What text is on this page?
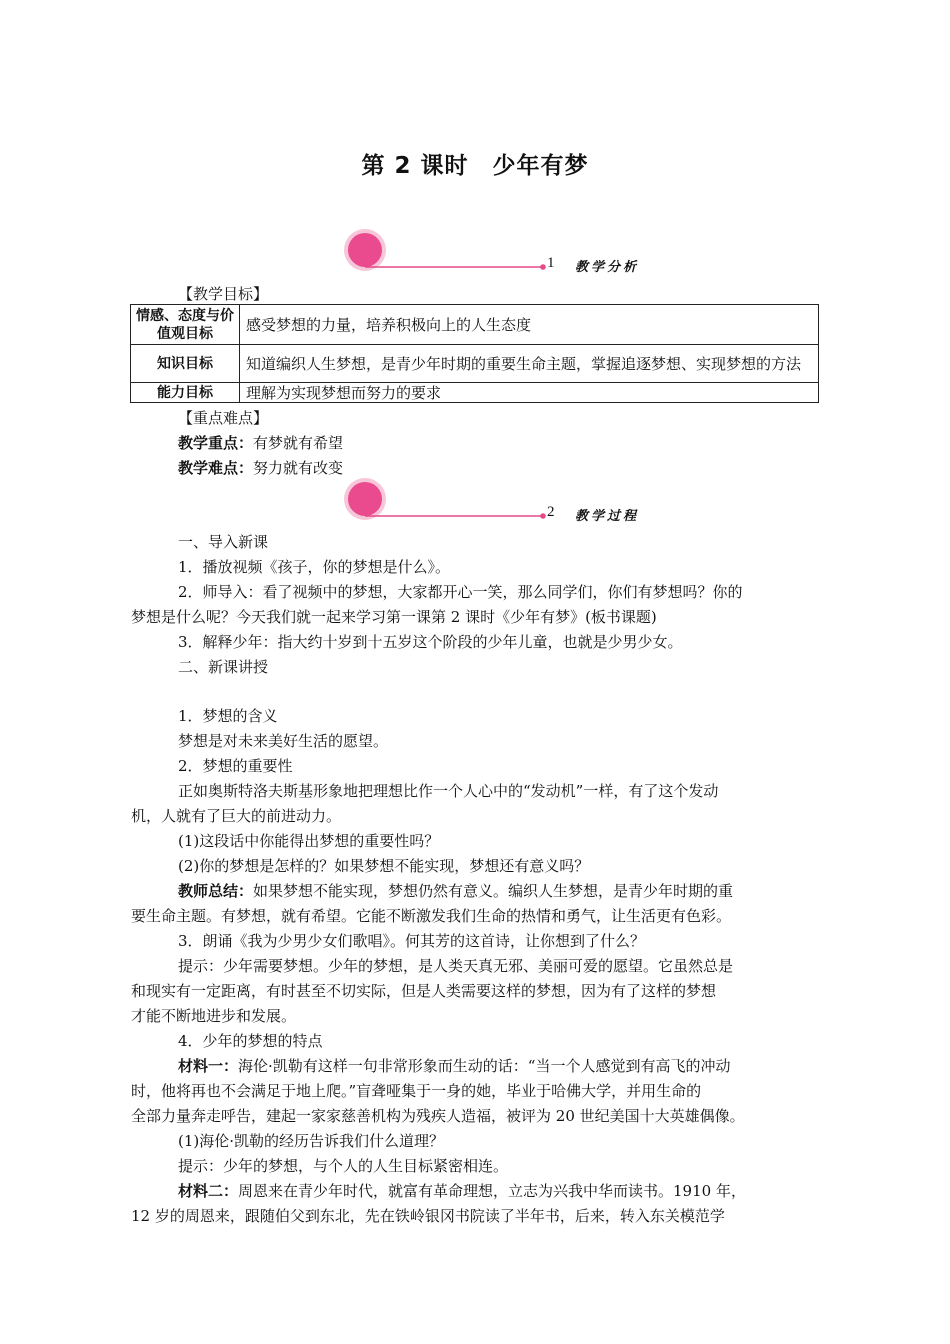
第 2 课时　少年有梦
1 教学分析
【教学目标】
情感、态度与价值观目标	感受梦想的力量，培养积极向上的人生态度
知识目标	知道编织人生梦想，是青少年时期的重要生命主题，掌握追逐梦想、实现梦想的方法
能力目标	理解为实现梦想而努力的要求
【重点难点】
教学重点：有梦就有希望
教学难点：努力就有改变
2 教学过程
一、导入新课
1．播放视频《孩子，你的梦想是什么》。
2．师导入：看了视频中的梦想，大家都开心一笑，那么同学们，你们有梦想吗？你的
梦想是什么呢？今天我们就一起来学习第一课第 2 课时《少年有梦》(板书课题)
3．解释少年：指大约十岁到十五岁这个阶段的少年儿童，也就是少男少女。
二、新课讲授
1．梦想的含义
梦想是对未来美好生活的愿望。
2．梦想的重要性
正如奥斯特洛夫斯基形象地把理想比作一个人心中的“发动机”一样，有了这个发动
机，人就有了巨大的前进动力。
(1)这段话中你能得出梦想的重要性吗？
(2)你的梦想是怎样的？如果梦想不能实现，梦想还有意义吗？
教师总结：如果梦想不能实现，梦想仍然有意义。编织人生梦想，是青少年时期的重
要生命主题。有梦想，就有希望。它能不断激发我们生命的热情和勇气，让生活更有色彩。
3．朗诵《我为少男少女们歌唱》。何其芳的这首诗，让你想到了什么？
提示：少年需要梦想。少年的梦想，是人类天真无邪、美丽可爱的愿望。它虽然总是
和现实有一定距离，有时甚至不切实际，但是人类需要这样的梦想，因为有了这样的梦想
才能不断地进步和发展。
4．少年的梦想的特点
材料一：海伦·凯勒有这样一句非常形象而生动的话：“当一个人感觉到有高飞的冲动
时，他将再也不会满足于地上爬。”盲聋哑集于一身的她，毕业于哈佛大学，并用生命的
全部力量奔走呼告，建起一家家慈善机构为残疾人造福，被评为 20 世纪美国十大英雄偶像。
(1)海伦·凯勒的经历告诉我们什么道理？
提示：少年的梦想，与个人的人生目标紧密相连。
材料二：周恩来在青少年时代，就富有革命理想，立志为兴我中华而读书。1910 年，
12 岁的周恩来，跟随伯父到东北，先在铁岭银冈书院读了半年书，后来，转入东关模范学
